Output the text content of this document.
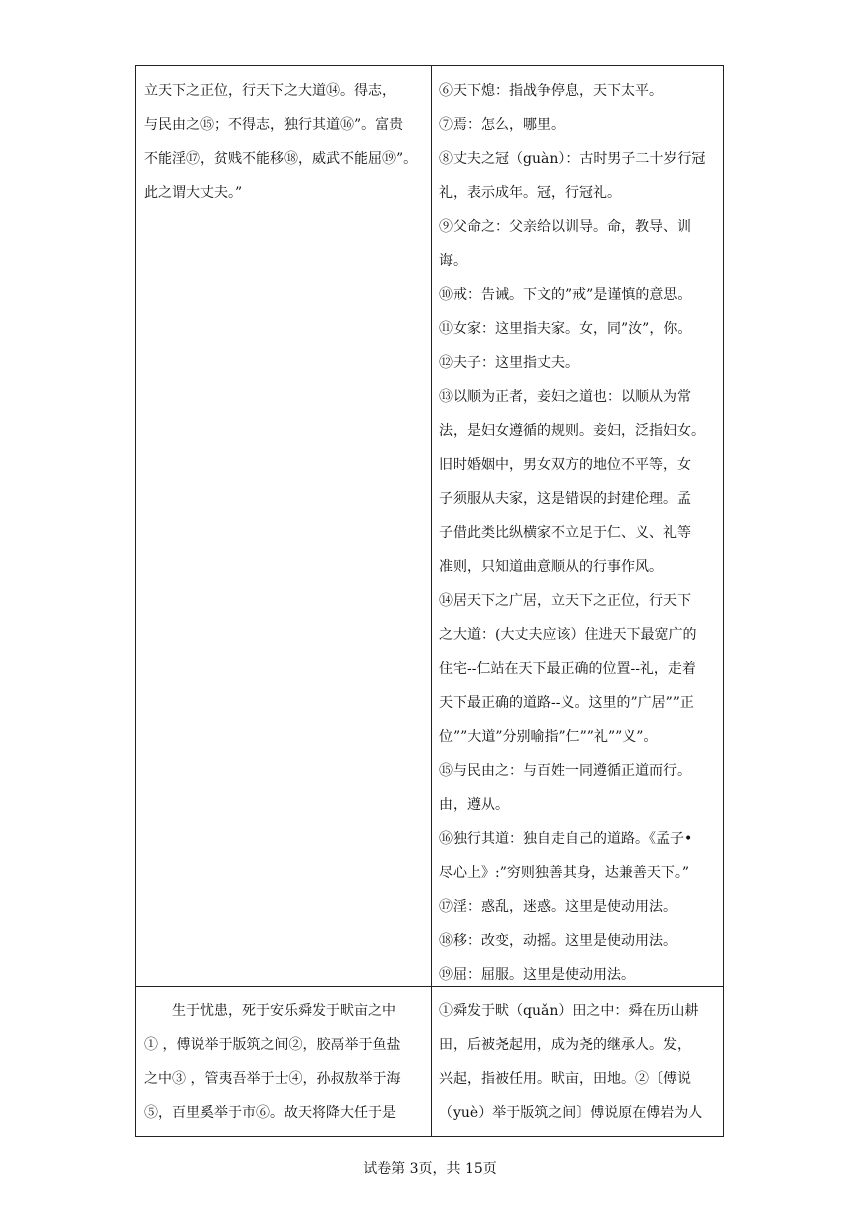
立天下之正位，行天下之大道⑭。得志，
与民由之⑮；不得志，独行其道⑯”。富贵
不能淫⑰，贫贱不能移⑱，威武不能屈⑲”。
此之谓大丈夫。”
⑥天下熄：指战争停息，天下太平。
⑦焉：怎么，哪里。
⑧丈夫之冠（guàn）：古时男子二十岁行冠
礼，表示成年。冠，行冠礼。
⑨父命之：父亲给以训导。命，教导、训
诲。
⑩戒：告诫。下文的”戒”是谨慎的意思。
⑪女家：这里指夫家。女，同”汝”，你。
⑫夫子：这里指丈夫。
⑬以顺为正者，妾妇之道也：以顺从为常
法，是妇女遵循的规则。妾妇，泛指妇女。
旧时婚姻中，男女双方的地位不平等，女
子须服从夫家，这是错误的封建伦理。孟
子借此类比纵横家不立足于仁、义、礼等
准则，只知道曲意顺从的行事作风。
⑭居天下之广居，立天下之正位，行天下
之大道：(大丈夫应该）住进天下最宽广的
住宅--仁站在天下最正确的位置--礼，走着
天下最正确的道路--义。这里的”广居””正
位””大道”分别喻指”仁””礼””义”。
⑮与民由之：与百姓一同遵循正道而行。
由，遵从。
⑯独行其道：独自走自己的道路。《孟子•
尽心上》:”穷则独善其身，达兼善天下。”
⑰淫：惑乱，迷惑。这里是使动用法。
⑱移：改变，动摇。这里是使动用法。
⑲屈：屈服。这里是使动用法。
生于忧患，死于安乐舜发于畎亩之中
① ，傅说举于版筑之间②，胶鬲举于鱼盐
之中③ ，管夷吾举于士④，孙叔敖举于海
⑤，百里奚举于市⑥。故天将降大任于是
①舜发于畎（quǎn）田之中：舜在历山耕
田，后被尧起用，成为尧的继承人。发，
兴起，指被任用。畎亩，田地。②〔傅说
（yuè）举于版筑之间〕傅说原在傅岩为人
试卷第 3页，共 15页
